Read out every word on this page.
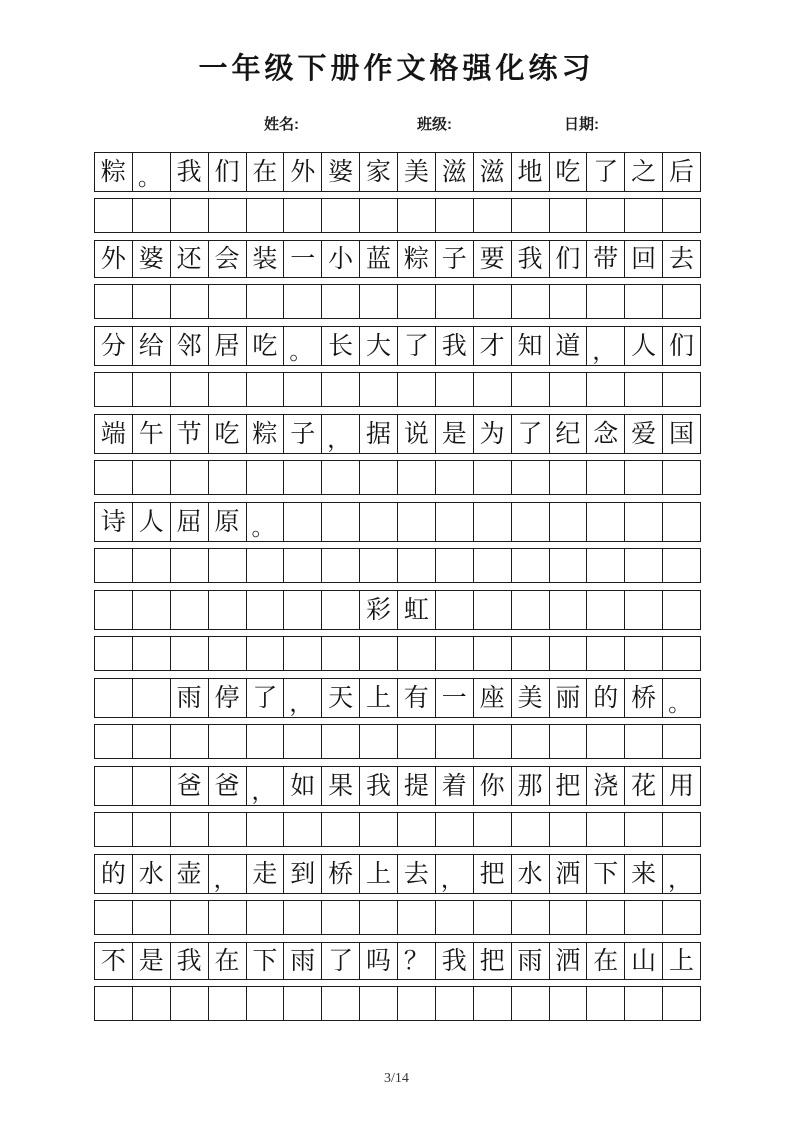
一年级下册作文格强化练习
姓名:	班级:	日期:
粽	。	我	们	在	外	婆	家	美	滋	滋	地	吃	了	之	后

外	婆	还	会	装	一	小	蓝	粽	子	要	我	们	带	回	去

分	给	邻	居	吃	。	长	大	了	我	才	知	道	，	人	们

端	午	节	吃	粽	子	，	据	说	是	为	了	纪	念	爱	国

诗	人	屈	原	。											

							彩	虹							

		雨	停	了	，	天	上	有	一	座	美	丽	的	桥	。

		爸	爸	，	如	果	我	提	着	你	那	把	浇	花	用

的	水	壶	，	走	到	桥	上	去	，	把	水	洒	下	来	，

不	是	我	在	下	雨	了	吗	？	我	把	雨	洒	在	山	上

3/14
